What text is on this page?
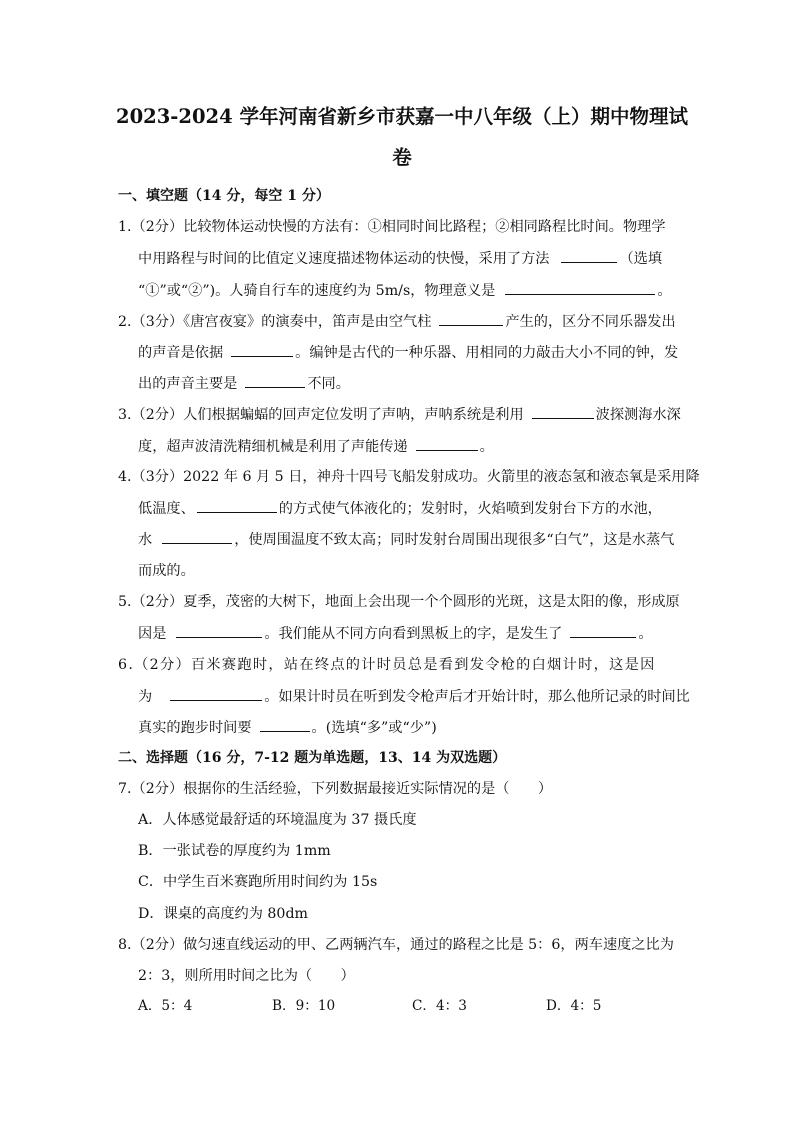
2023-2024 学年河南省新乡市获嘉一中八年级（上）期中物理试
卷
一、填空题（14 分，每空 1 分）
1.（2分）比较物体运动快慢的方法有：①相同时间比路程；②相同路程比时间。物理学
中用路程与时间的比值定义速度描述物体运动的快慢，采用了方法	（选填
“①”或“②”)。人骑自行车的速度约为 5m/s，物理意义是	。
2.（3分）《唐宫夜宴》的演奏中，笛声是由空气柱	产生的，区分不同乐器发出
的声音是依据	。编钟是古代的一种乐器、用相同的力敲击大小不同的钟，发
出的声音主要是	不同。
3.（2分）人们根据蝙蝠的回声定位发明了声呐，声呐系统是利用	波探测海水深
度，超声波清洗精细机械是利用了声能传递	。
4.（3分）2022 年 6 月 5 日，神舟十四号飞船发射成功。火箭里的液态氢和液态氧是采用降
低温度、	的方式使气体液化的；发射时，火焰喷到发射台下方的水池，
水	，使周围温度不致太高；同时发射台周围出现很多“白气”，这是水蒸气
而成的。
5.（2分）夏季，茂密的大树下，地面上会出现一个个圆形的光斑，这是太阳的像，形成原
因是	。我们能从不同方向看到黑板上的字，是发生了	。
6.（2分）百米赛跑时，站在终点的计时员总是看到发令枪的白烟计时，这是因
为	。如果计时员在听到发令枪声后才开始计时，那么他所记录的时间比
真实的跑步时间要	。(选填“多”或“少”)
二、选择题（16 分，7-12 题为单选题，13、14 为双选题）
7.（2分）根据你的生活经验，下列数据最接近实际情况的是（　　）
A．人体感觉最舒适的环境温度为 37 摄氏度
B．一张试卷的厚度约为 1mm
C．中学生百米赛跑所用时间约为 15s
D．课桌的高度约为 80dm
8.（2分）做匀速直线运动的甲、乙两辆汽车，通过的路程之比是 5：6，两车速度之比为
2：3，则所用时间之比为（　　）
A．5：4	B．9：10	C．4：3	D．4：5
